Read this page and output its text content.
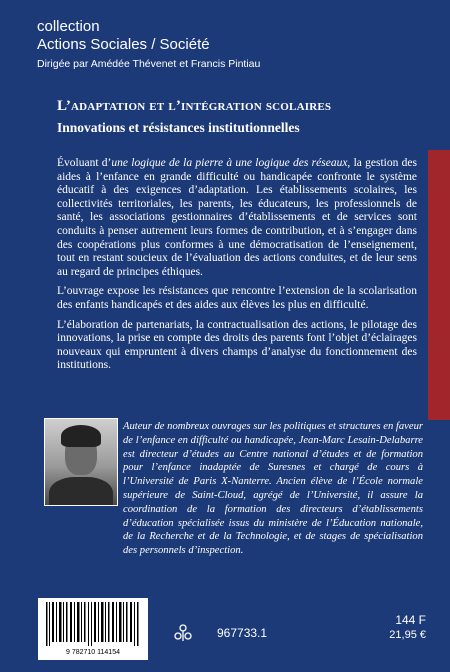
collection
Actions Sociales / Société
Dirigée par Amédée Thévenet et Francis Pintiau
L’adaptation et l’intégration scolaires
Innovations et résistances institutionnelles

Évoluant d’une logique de la pierre à une logique des réseaux, la gestion des aides à l’enfance en grande difficulté ou handicapée confronte le système éducatif à des exigences d’adaptation. Les établissements scolaires, les collectivités territoriales, les parents, les éducateurs, les professionnels de santé, les associations gestionnaires d’établissements et de services sont conduits à penser autrement leurs formes de contribution, et à s’engager dans des coopérations plus conformes à une démocratisation de l’enseignement, tout en restant soucieux de l’évaluation des actions conduites, et de leur sens au regard de principes éthiques.

L’ouvrage expose les résistances que rencontre l’extension de la scolarisation des enfants handicapés et des aides aux élèves les plus en difficulté.

L’élaboration de partenariats, la contractualisation des actions, le pilotage des innovations, la prise en compte des droits des parents font l’objet d’éclairages nouveaux qui empruntent à divers champs d’analyse du fonctionnement des institutions.

Auteur de nombreux ouvrages sur les politiques et structures en faveur de l’enfance en difficulté ou handicapée, Jean-Marc Lesain-Delabarre est directeur d’études au Centre national d’études et de formation pour l’enfance inadaptée de Suresnes et chargé de cours à l’Université de Paris X-Nanterre. Ancien élève de l’École normale supérieure de Saint-Cloud, agrégé de l’Université, il assure la coordination de la formation des directeurs d’établissements d’éducation spécialisée issus du ministère de l’Éducation nationale, de la Recherche et de la Technologie, et de stages de spécialisation des personnels d’inspection.
9 782710 114154
967733.1
144 F
21,95 €
